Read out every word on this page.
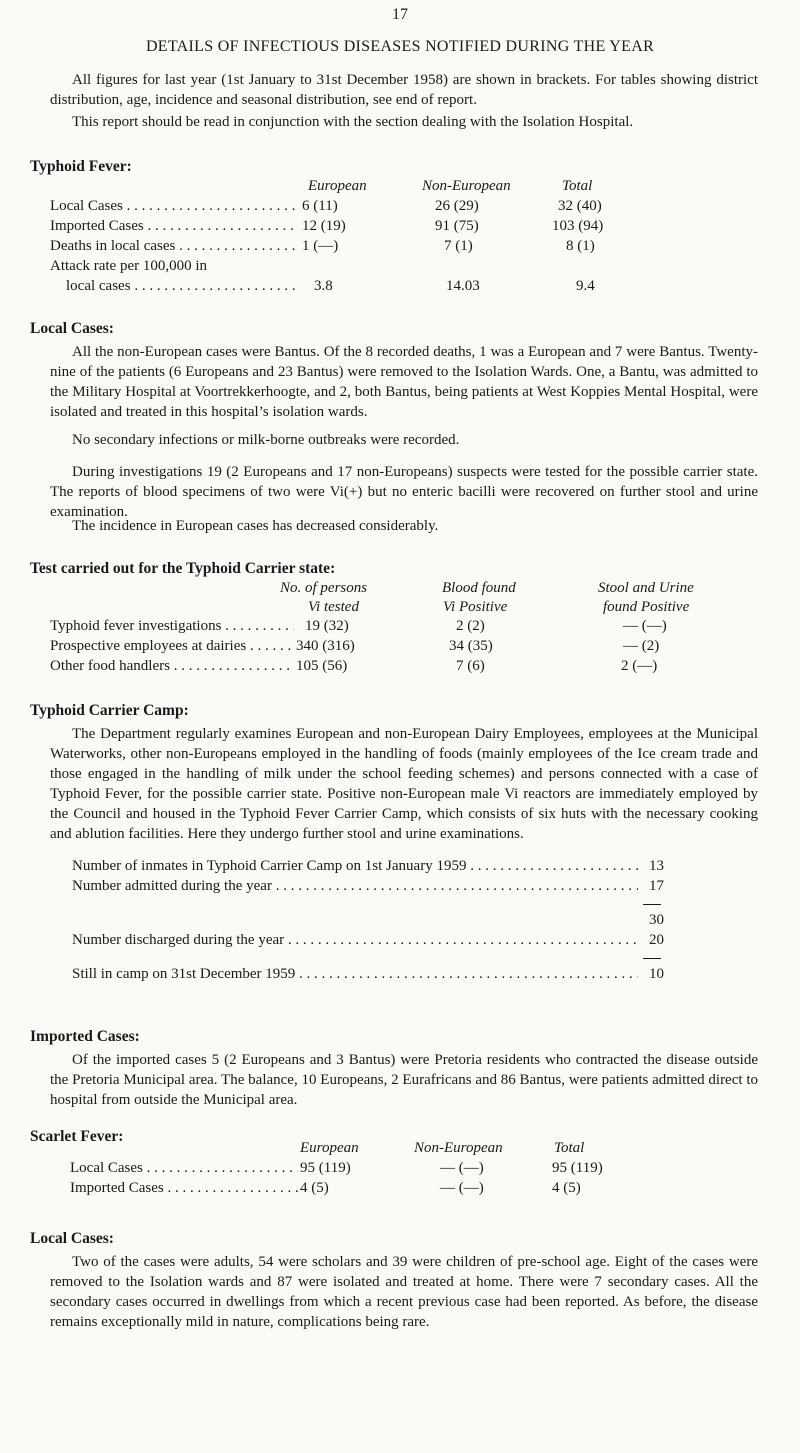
17
DETAILS OF INFECTIOUS DISEASES NOTIFIED DURING THE YEAR

All figures for last year (1st January to 31st December 1958) are shown in brackets. For tables showing district distribution, age, incidence and seasonal distribution, see end of report.

This report should be read in conjunction with the section dealing with the Isolation Hospital.

Typhoid Fever:
European	Non-European	Total
Local Cases . . .	6 (11)	26 (29)	32 (40)
Imported Cases . . .	12 (19)	91 (75)	103 (94)
Deaths in local cases . . .	1 (—)	7 (1)	8 (1)
Attack rate per 100,000 in
local cases . . .	3.8	14.03	9.4
Local Cases:

All the non-European cases were Bantus. Of the 8 recorded deaths, 1 was a European and 7 were Bantus. Twenty-nine of the patients (6 Europeans and 23 Bantus) were removed to the Isolation Wards. One, a Bantu, was admitted to the Military Hospital at Voortrekkerhoogte, and 2, both Bantus, being patients at West Koppies Mental Hospital, were isolated and treated in this hospital’s isolation wards.

No secondary infections or milk-borne outbreaks were recorded.

During investigations 19 (2 Europeans and 17 non-Europeans) suspects were tested for the possible carrier state. The reports of blood specimens of two were Vi(+) but no enteric bacilli were recovered on further stool and urine examination.

The incidence in European cases has decreased considerably.

Test carried out for the Typhoid Carrier state:
No. of persons
Vi tested
Blood found
Vi Positive
Stool and Urine
found Positive
Typhoid fever investigations . . .	19 (32)	2 (2)	— (—)
Prospective employees at dairies . . .	340 (316)	34 (35)	— (2)
Other food handlers . . .	105 (56)	7 (6)	2 (—)
Typhoid Carrier Camp:

The Department regularly examines European and non-European Dairy Employees, employees at the Municipal Waterworks, other non-Europeans employed in the handling of foods (mainly employees of the Ice cream trade and those engaged in the handling of milk under the school feeding schemes) and persons connected with a case of Typhoid Fever, for the possible carrier state. Positive non-European male Vi reactors are immediately employed by the Council and housed in the Typhoid Fever Carrier Camp, which consists of six huts with the necessary cooking and ablution facilities. Here they undergo further stool and urine examinations.

Number of inmates in Typhoid Carrier Camp on 1st January 1959 . . .	13
Number admitted during the year . . .	17
30
Number discharged during the year . . .	20
Still in camp on 31st December 1959 . . .	10
Imported Cases:

Of the imported cases 5 (2 Europeans and 3 Bantus) were Pretoria residents who contracted the disease outside the Pretoria Municipal area. The balance, 10 Europeans, 2 Eurafricans and 86 Bantus, were patients admitted direct to hospital from outside the Municipal area.

Scarlet Fever:
European	Non-European	Total
Local Cases . . .	95 (119)	— (—)	95 (119)
Imported Cases . . .	4 (5)	— (—)	4 (5)
Local Cases:

Two of the cases were adults, 54 were scholars and 39 were children of pre-school age. Eight of the cases were removed to the Isolation wards and 87 were isolated and treated at home. There were 7 secondary cases. All the secondary cases occurred in dwellings from which a recent previous case had been reported. As before, the disease remains exceptionally mild in nature, complications being rare.
